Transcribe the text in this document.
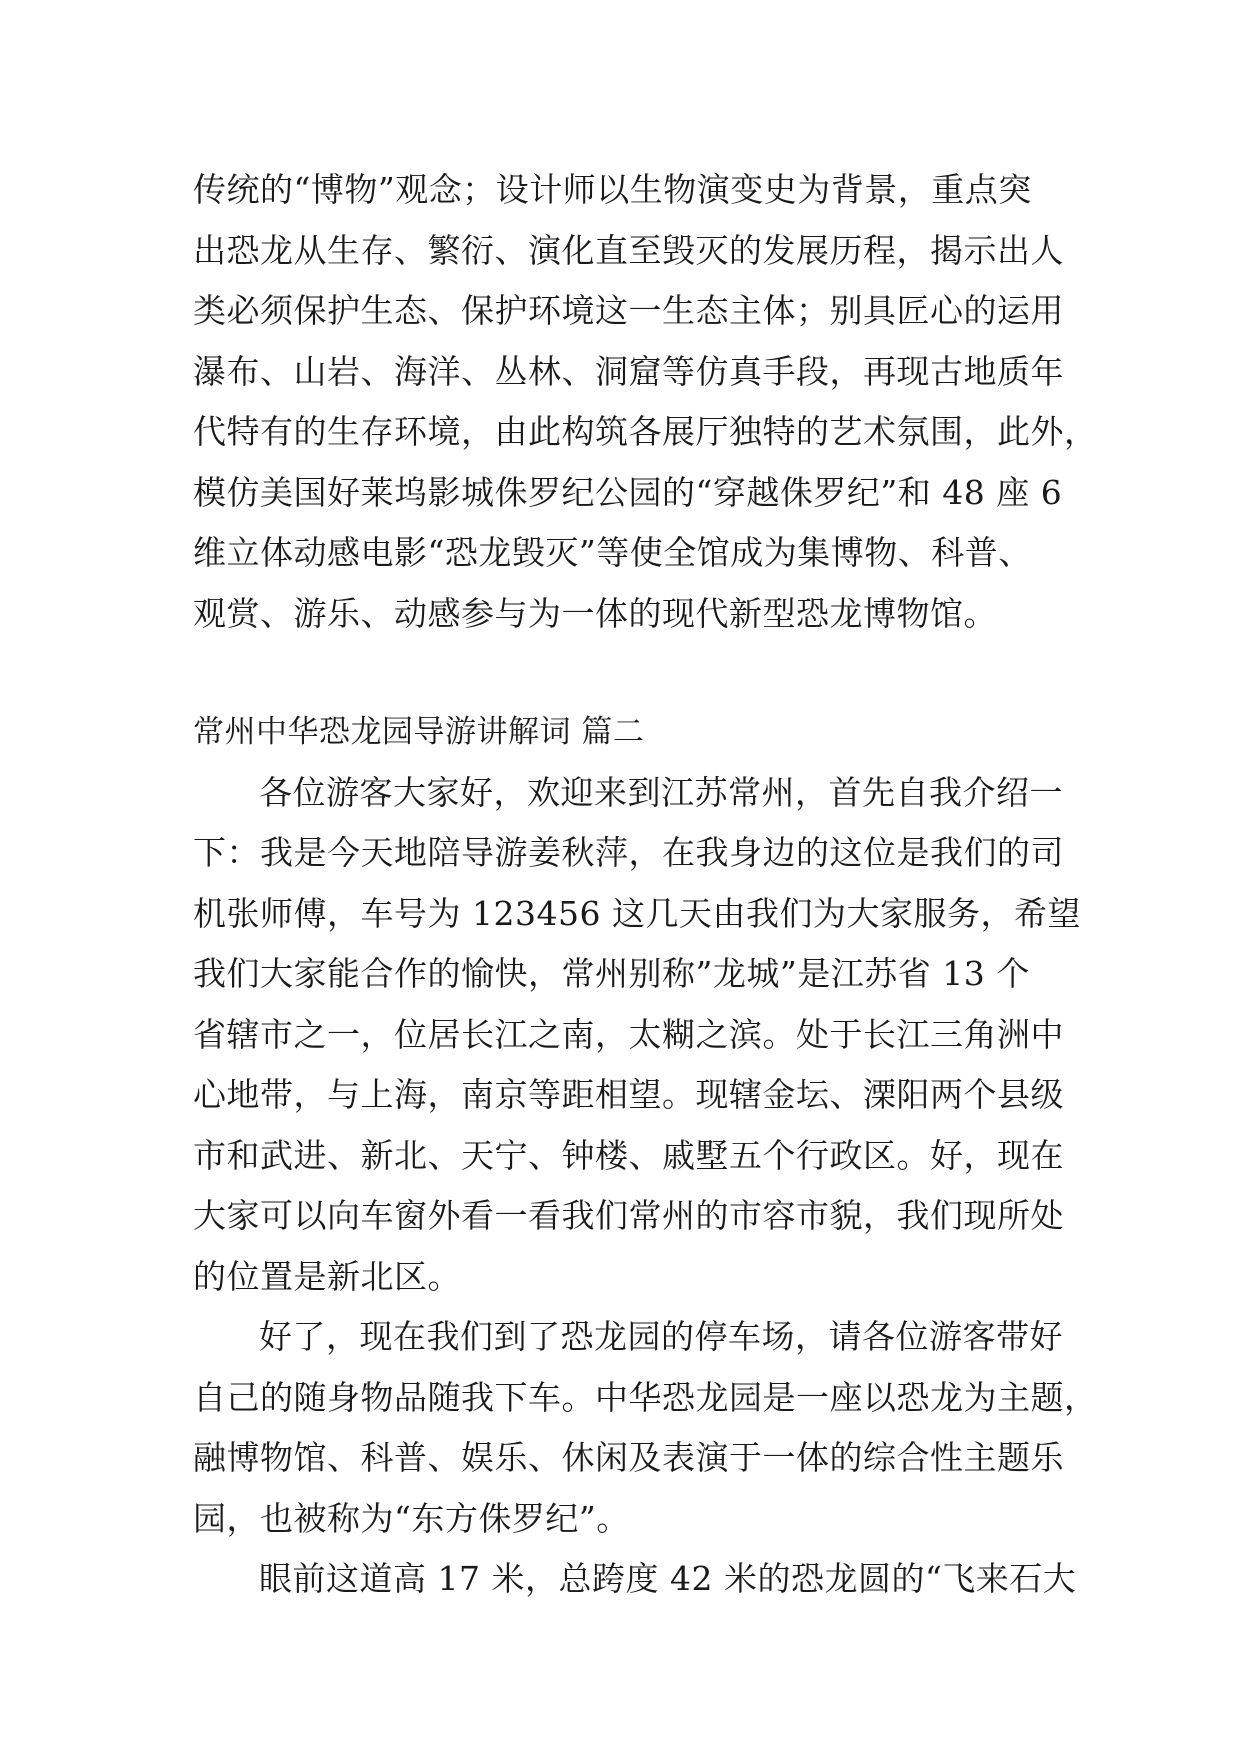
传统的“博物”观念；设计师以生物演变史为背景，重点突
出恐龙从生存、繁衍、演化直至毁灭的发展历程，揭示出人
类必须保护生态、保护环境这一生态主体；别具匠心的运用
瀑布、山岩、海洋、丛林、洞窟等仿真手段，再现古地质年
代特有的生存环境，由此构筑各展厅独特的艺术氛围，此外，
模仿美国好莱坞影城侏罗纪公园的“穿越侏罗纪”和 48 座 6
维立体动感电影“恐龙毁灭”等使全馆成为集博物、科普、
观赏、游乐、动感参与为一体的现代新型恐龙博物馆。
常州中华恐龙园导游讲解词 篇二
各位游客大家好，欢迎来到江苏常州，首先自我介绍一
下：我是今天地陪导游姜秋萍，在我身边的这位是我们的司
机张师傅，车号为 123456 这几天由我们为大家服务，希望
我们大家能合作的愉快，常州别称”龙城”是江苏省 13 个
省辖市之一，位居长江之南，太糊之滨。处于长江三角洲中
心地带，与上海，南京等距相望。现辖金坛、溧阳两个县级
市和武进、新北、天宁、钟楼、戚墅五个行政区。好，现在
大家可以向车窗外看一看我们常州的市容市貌，我们现所处
的位置是新北区。
好了，现在我们到了恐龙园的停车场，请各位游客带好
自己的随身物品随我下车。中华恐龙园是一座以恐龙为主题，
融博物馆、科普、娱乐、休闲及表演于一体的综合性主题乐
园，也被称为“东方侏罗纪”。
眼前这道高 17 米，总跨度 42 米的恐龙圆的“飞来石大
